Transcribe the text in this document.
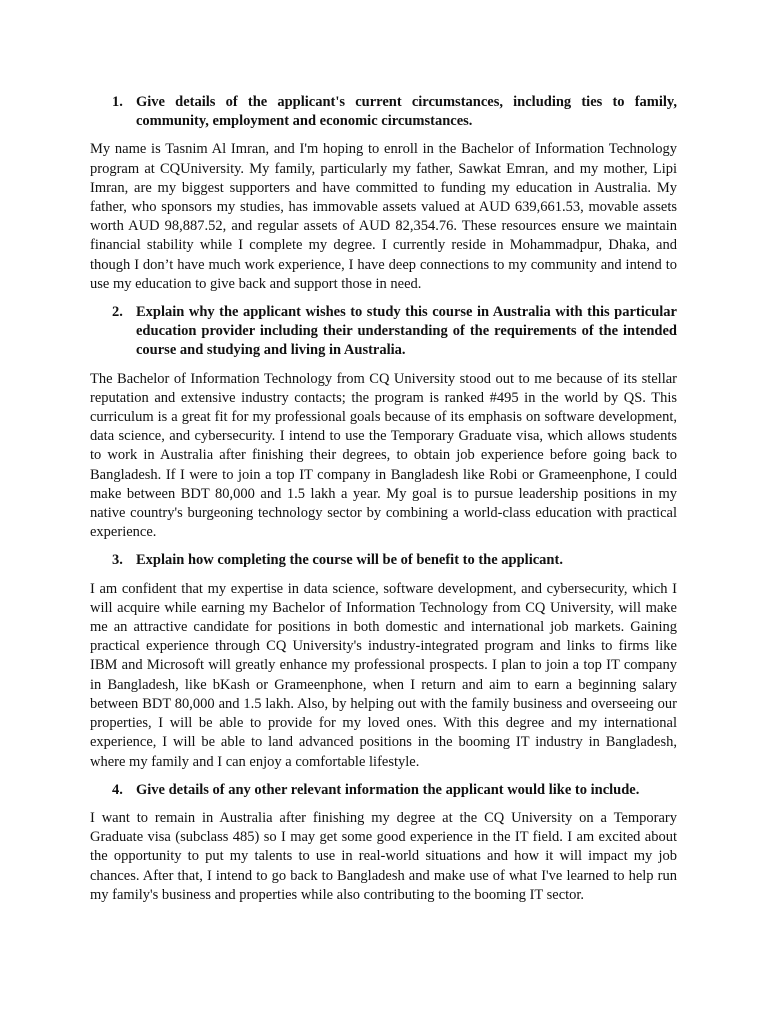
1. Give details of the applicant's current circumstances, including ties to family, community, employment and economic circumstances.

My name is Tasnim Al Imran, and I'm hoping to enroll in the Bachelor of Information Technology program at CQUniversity. My family, particularly my father, Sawkat Emran, and my mother, Lipi Imran, are my biggest supporters and have committed to funding my education in Australia. My father, who sponsors my studies, has immovable assets valued at AUD 639,661.53, movable assets worth AUD 98,887.52, and regular assets of AUD 82,354.76. These resources ensure we maintain financial stability while I complete my degree. I currently reside in Mohammadpur, Dhaka, and though I don’t have much work experience, I have deep connections to my community and intend to use my education to give back and support those in need.

2. Explain why the applicant wishes to study this course in Australia with this particular education provider including their understanding of the requirements of the intended course and studying and living in Australia.

The Bachelor of Information Technology from CQ University stood out to me because of its stellar reputation and extensive industry contacts; the program is ranked #495 in the world by QS. This curriculum is a great fit for my professional goals because of its emphasis on software development, data science, and cybersecurity. I intend to use the Temporary Graduate visa, which allows students to work in Australia after finishing their degrees, to obtain job experience before going back to Bangladesh. If I were to join a top IT company in Bangladesh like Robi or Grameenphone, I could make between BDT 80,000 and 1.5 lakh a year. My goal is to pursue leadership positions in my native country's burgeoning technology sector by combining a world-class education with practical experience.

3. Explain how completing the course will be of benefit to the applicant.

I am confident that my expertise in data science, software development, and cybersecurity, which I will acquire while earning my Bachelor of Information Technology from CQ University, will make me an attractive candidate for positions in both domestic and international job markets. Gaining practical experience through CQ University's industry-integrated program and links to firms like IBM and Microsoft will greatly enhance my professional prospects. I plan to join a top IT company in Bangladesh, like bKash or Grameenphone, when I return and aim to earn a beginning salary between BDT 80,000 and 1.5 lakh. Also, by helping out with the family business and overseeing our properties, I will be able to provide for my loved ones. With this degree and my international experience, I will be able to land advanced positions in the booming IT industry in Bangladesh, where my family and I can enjoy a comfortable lifestyle.

4. Give details of any other relevant information the applicant would like to include.

I want to remain in Australia after finishing my degree at the CQ University on a Temporary Graduate visa (subclass 485) so I may get some good experience in the IT field. I am excited about the opportunity to put my talents to use in real-world situations and how it will impact my job chances. After that, I intend to go back to Bangladesh and make use of what I've learned to help run my family's business and properties while also contributing to the booming IT sector.
